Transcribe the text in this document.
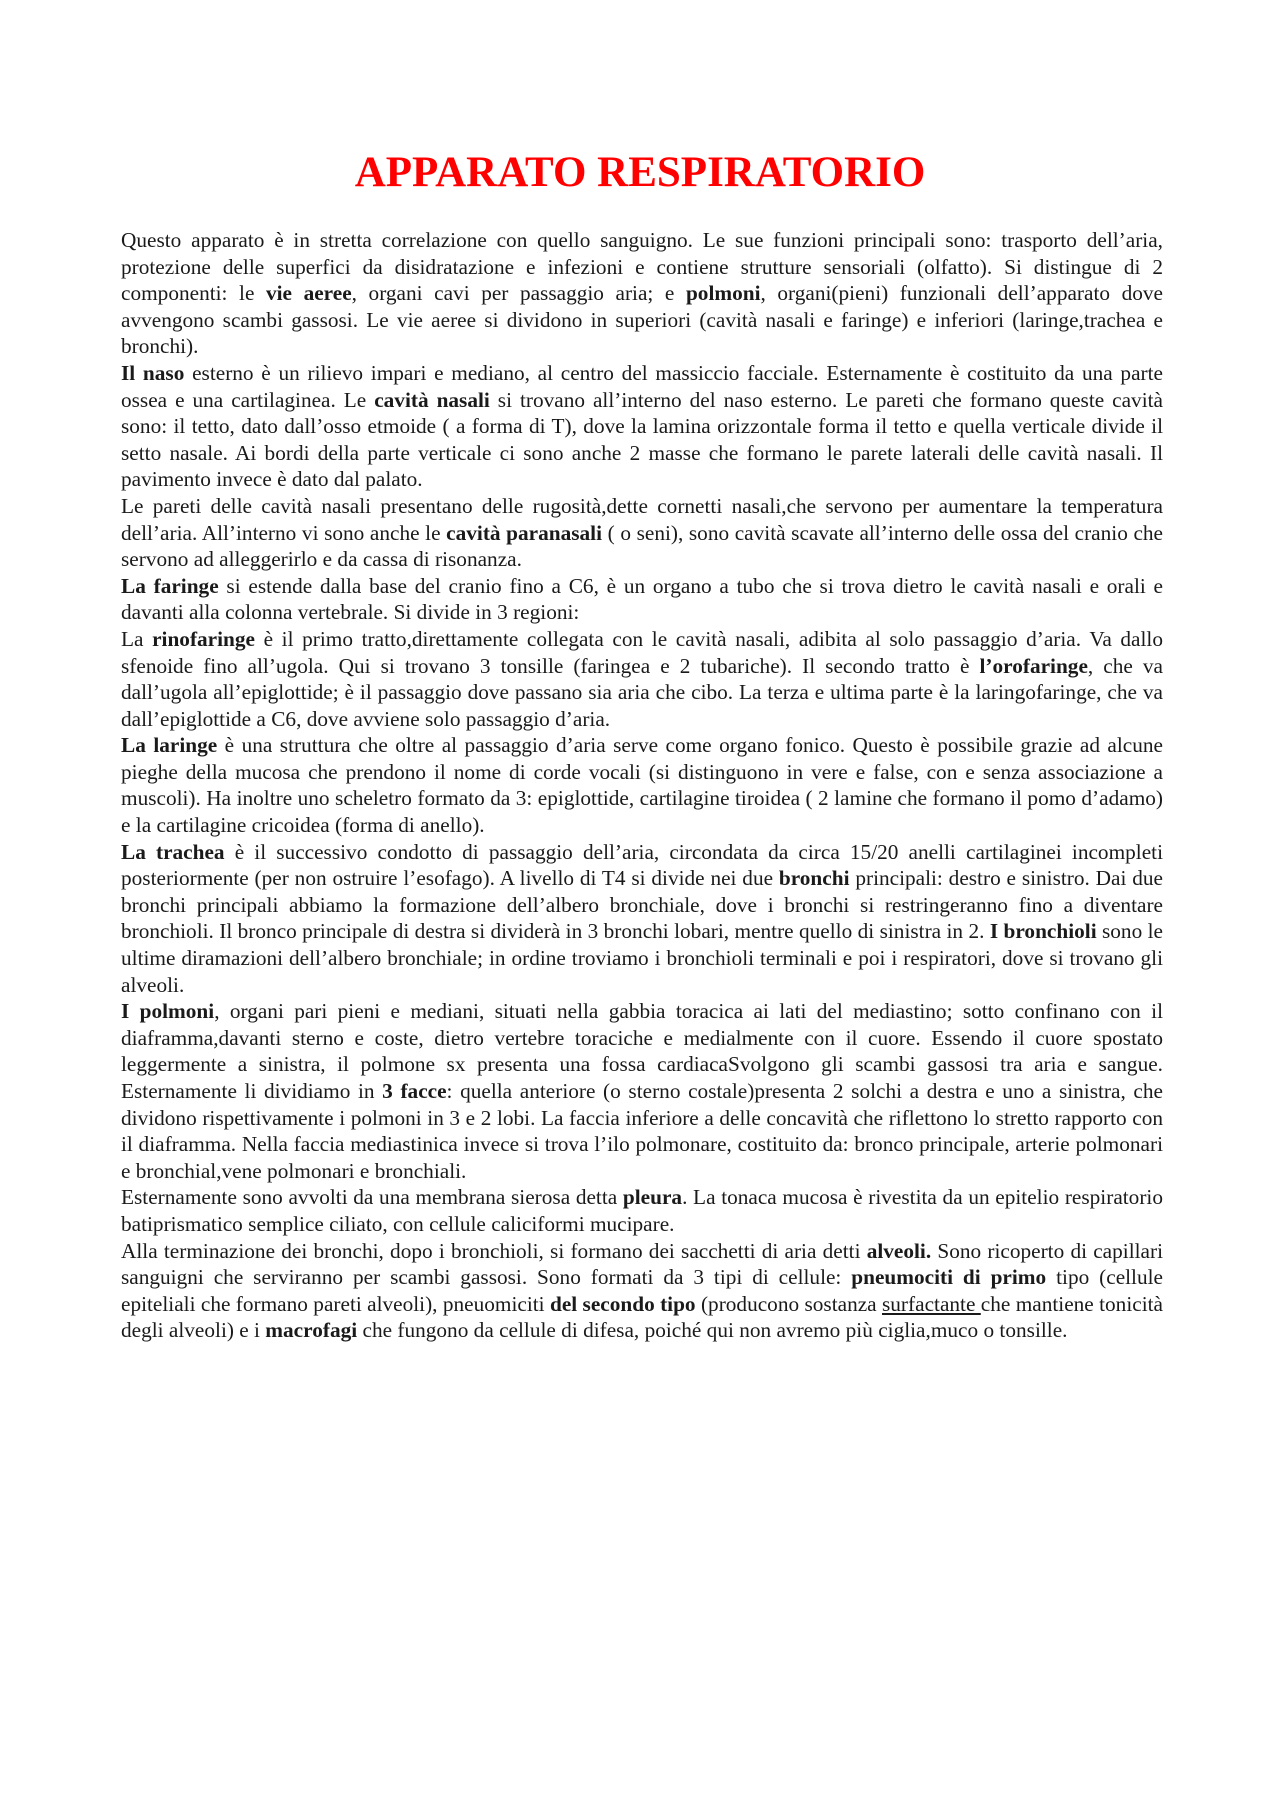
APPARATO RESPIRATORIO

Questo apparato è in stretta correlazione con quello sanguigno. Le sue funzioni principali sono: trasporto dell’aria, protezione delle superfici da disidratazione e infezioni e contiene strutture sensoriali (olfatto). Si distingue di 2 componenti: le vie aeree, organi cavi per passaggio aria; e polmoni, organi(pieni) funzionali dell’apparato dove avvengono scambi gassosi. Le vie aeree si dividono in superiori (cavità nasali e faringe) e inferiori (laringe,trachea e bronchi).

Il naso esterno è un rilievo impari e mediano, al centro del massiccio facciale. Esternamente è costituito da una parte ossea e una cartilaginea. Le cavità nasali si trovano all’interno del naso esterno. Le pareti che formano queste cavità sono: il tetto, dato dall’osso etmoide ( a forma di T), dove la lamina orizzontale forma il tetto e quella verticale divide il setto nasale. Ai bordi della parte verticale ci sono anche 2 masse che formano le parete laterali delle cavità nasali. Il pavimento invece è dato dal palato.

Le pareti delle cavità nasali presentano delle rugosità,dette cornetti nasali,che servono per aumentare la temperatura dell’aria. All’interno vi sono anche le cavità paranasali ( o seni), sono cavità scavate all’interno delle ossa del cranio che servono ad alleggerirlo e da cassa di risonanza.

La faringe si estende dalla base del cranio fino a C6, è un organo a tubo che si trova dietro le cavità nasali e orali e davanti alla colonna vertebrale. Si divide in 3 regioni:

La rinofaringe è il primo tratto,direttamente collegata con le cavità nasali, adibita al solo passaggio d’aria. Va dallo sfenoide fino all’ugola. Qui si trovano 3 tonsille (faringea e 2 tubariche). Il secondo tratto è l’orofaringe, che va dall’ugola all’epiglottide; è il passaggio dove passano sia aria che cibo. La terza e ultima parte è la laringofaringe, che va dall’epiglottide a C6, dove avviene solo passaggio d’aria.

La laringe è una struttura che oltre al passaggio d’aria serve come organo fonico. Questo è possibile grazie ad alcune pieghe della mucosa che prendono il nome di corde vocali (si distinguono in vere e false, con e senza associazione a muscoli). Ha inoltre uno scheletro formato da 3: epiglottide, cartilagine tiroidea ( 2 lamine che formano il pomo d’adamo) e la cartilagine cricoidea (forma di anello).

La trachea è il successivo condotto di passaggio dell’aria, circondata da circa 15/20 anelli cartilaginei incompleti posteriormente (per non ostruire l’esofago). A livello di T4 si divide nei due bronchi principali: destro e sinistro. Dai due bronchi principali abbiamo la formazione dell’albero bronchiale, dove i bronchi si restringeranno fino a diventare bronchioli. Il bronco principale di destra si dividerà in 3 bronchi lobari, mentre quello di sinistra in 2. I bronchioli sono le ultime diramazioni dell’albero bronchiale; in ordine troviamo i bronchioli terminali e poi i respiratori, dove si trovano gli alveoli.

I polmoni, organi pari pieni e mediani, situati nella gabbia toracica ai lati del mediastino; sotto confinano con il diaframma,davanti sterno e coste, dietro vertebre toraciche e medialmente con il cuore. Essendo il cuore spostato leggermente a sinistra, il polmone sx presenta una fossa cardiacaSvolgono gli scambi gassosi tra aria e sangue. Esternamente li dividiamo in 3 facce: quella anteriore (o sterno costale)presenta 2 solchi a destra e uno a sinistra, che dividono rispettivamente i polmoni in 3 e 2 lobi. La faccia inferiore a delle concavità che riflettono lo stretto rapporto con il diaframma. Nella faccia mediastinica invece si trova l’ilo polmonare, costituito da: bronco principale, arterie polmonari e bronchial,vene polmonari e bronchiali.

Esternamente sono avvolti da una membrana sierosa detta pleura. La tonaca mucosa è rivestita da un epitelio respiratorio batiprismatico semplice ciliato, con cellule caliciformi mucipare.

Alla terminazione dei bronchi, dopo i bronchioli, si formano dei sacchetti di aria detti alveoli. Sono ricoperto di capillari sanguigni che serviranno per scambi gassosi. Sono formati da 3 tipi di cellule: pneumociti di primo tipo (cellule epiteliali che formano pareti alveoli), pneuomiciti del secondo tipo (producono sostanza surfactante che mantiene tonicità degli alveoli) e i macrofagi che fungono da cellule di difesa, poiché qui non avremo più ciglia,muco o tonsille.
